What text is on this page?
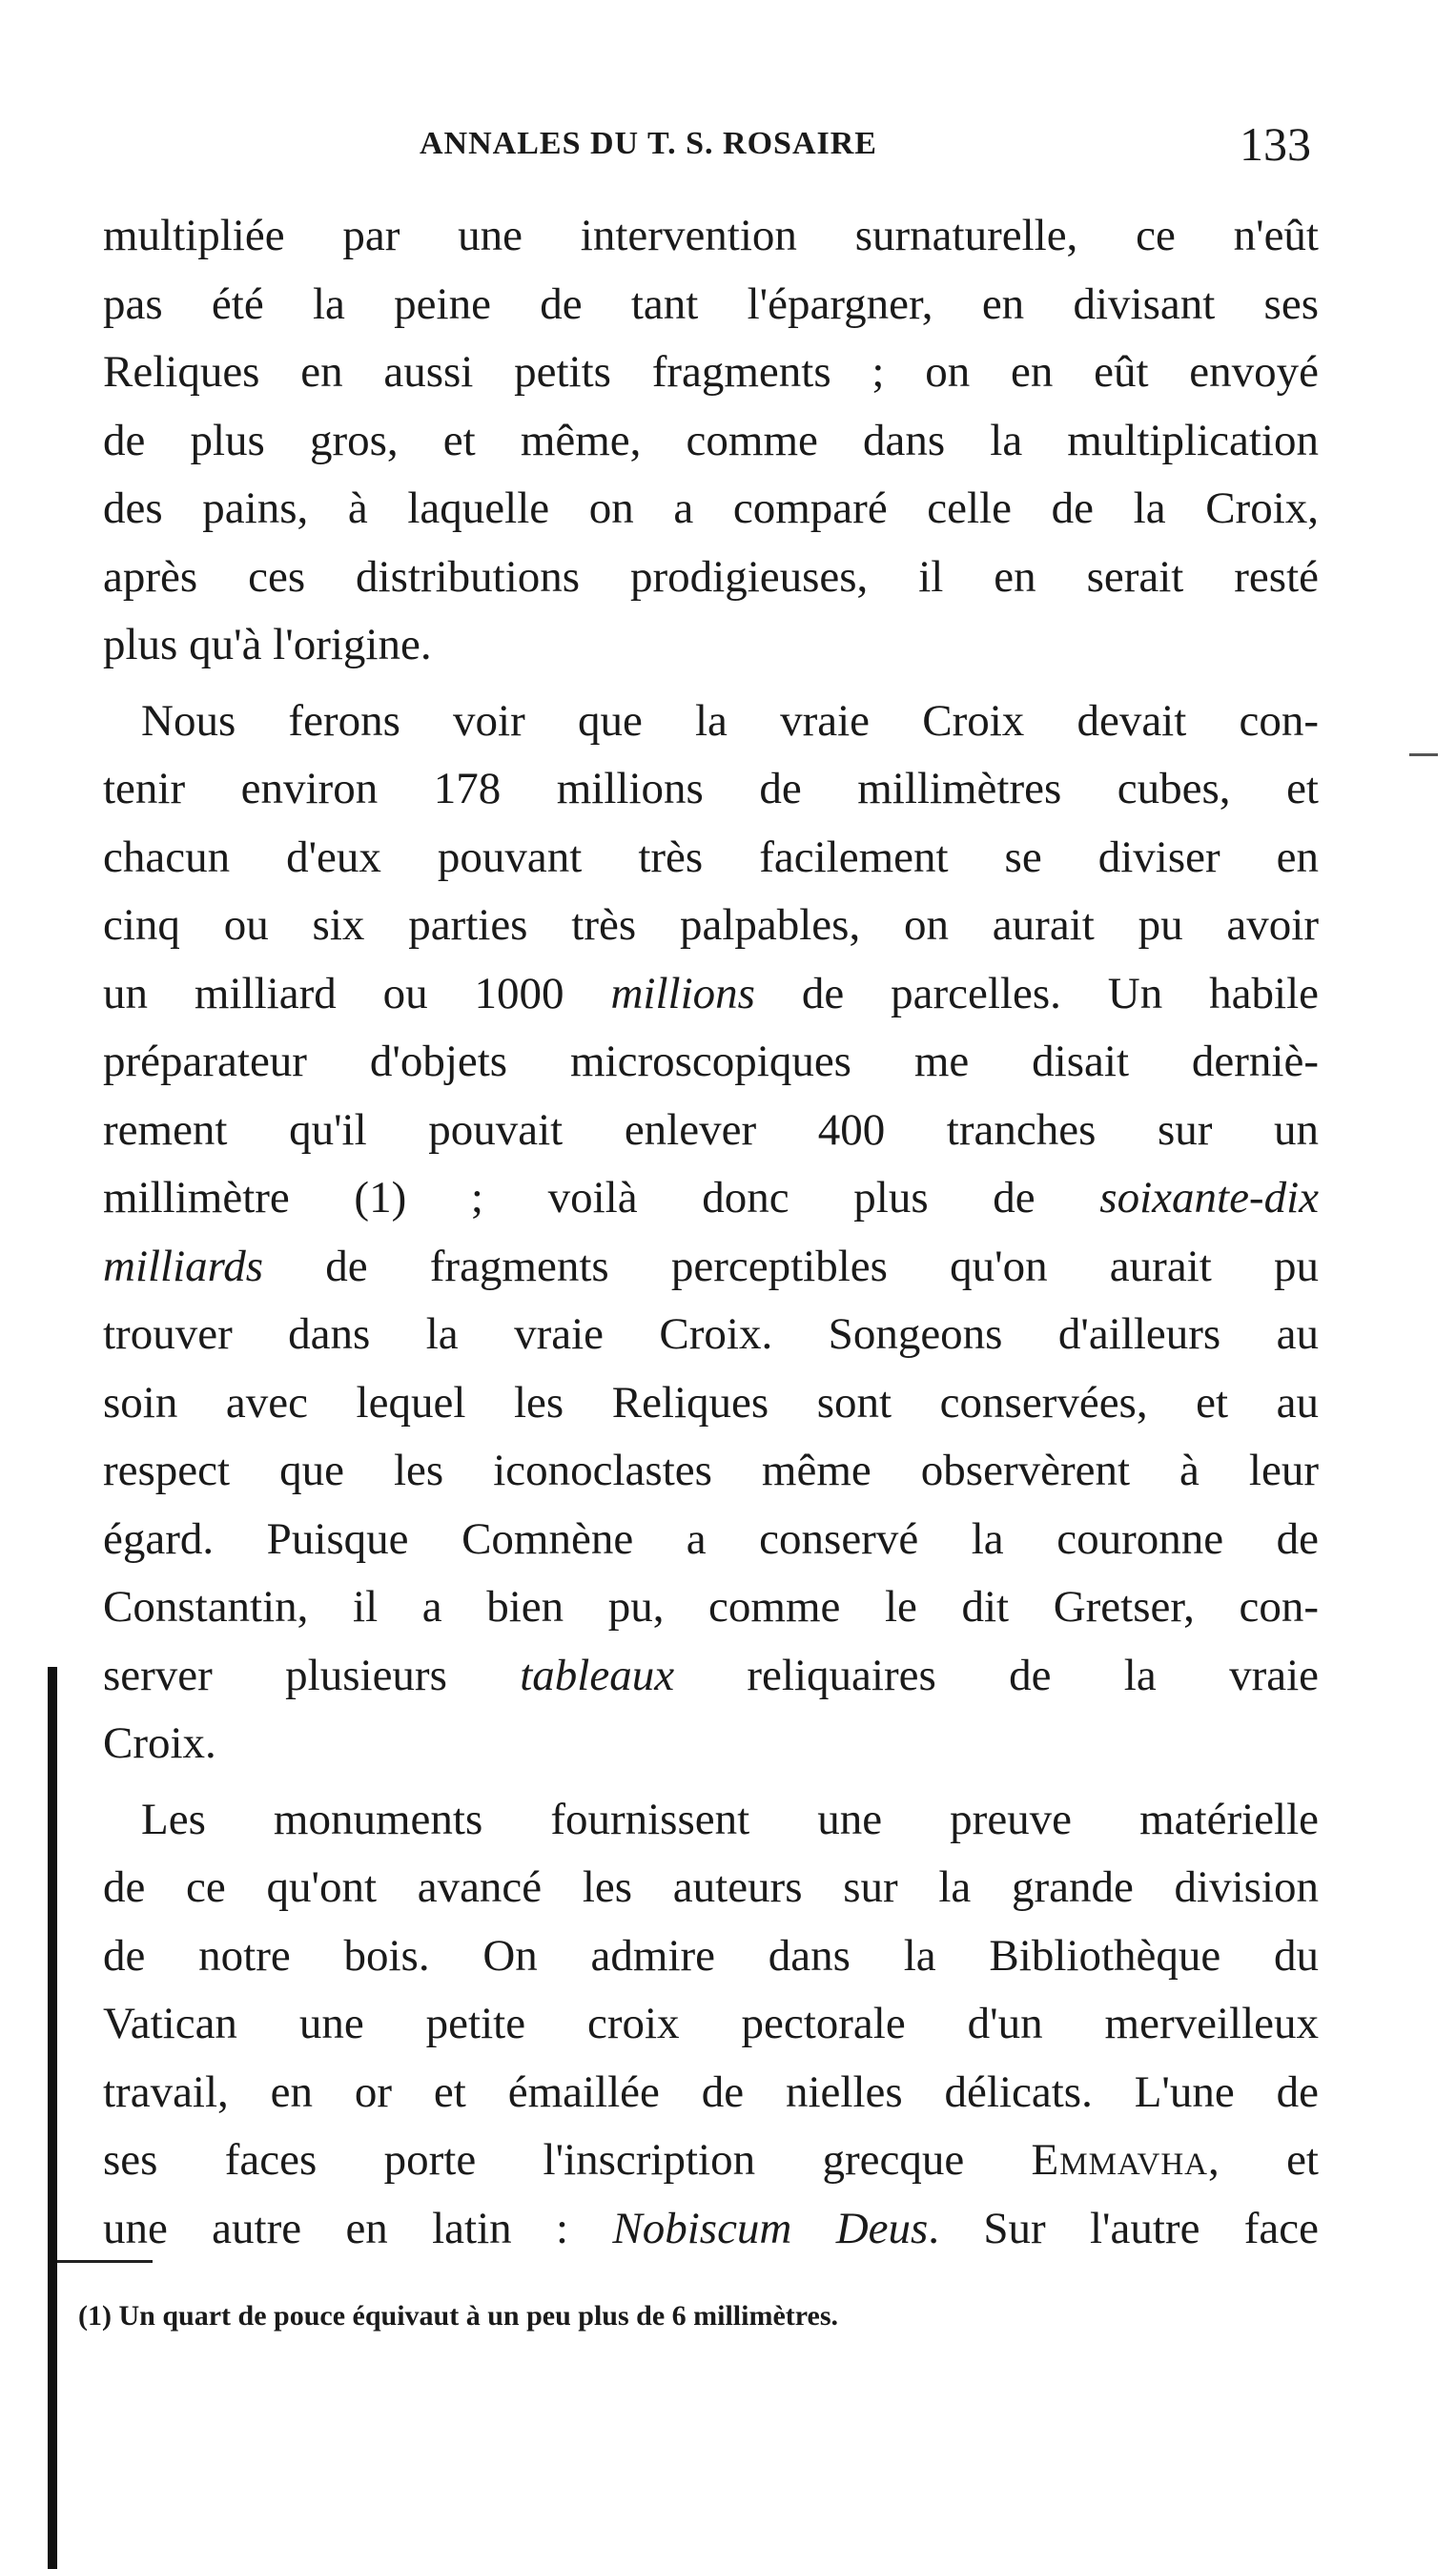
ANNALES DU T. S. ROSAIRE	133
multipliée par une intervention surnaturelle, ce n'eût
pas été la peine de tant l'épargner, en divisant ses
Reliques en aussi petits fragments ; on en eût envoyé
de plus gros, et même, comme dans la multiplication
des pains, à laquelle on a comparé celle de la Croix,
après ces distributions prodigieuses, il en serait resté
plus qu'à l'origine.
Nous ferons voir que la vraie Croix devait con-
tenir environ 178 millions de millimètres cubes, et
chacun d'eux pouvant très facilement se diviser en
cinq ou six parties très palpables, on aurait pu avoir
un milliard ou 1000 millions de parcelles. Un habile
préparateur d'objets microscopiques me disait derniè-
rement qu'il pouvait enlever 400 tranches sur un
millimètre (1) ; voilà donc plus de soixante-dix
milliards de fragments perceptibles qu'on aurait pu
trouver dans la vraie Croix. Songeons d'ailleurs au
soin avec lequel les Reliques sont conservées, et au
respect que les iconoclastes même observèrent à leur
égard. Puisque Comnène a conservé la couronne de
Constantin, il a bien pu, comme le dit Gretser, con-
server plusieurs tableaux reliquaires de la vraie
Croix.
Les monuments fournissent une preuve matérielle
de ce qu'ont avancé les auteurs sur la grande division
de notre bois. On admire dans la Bibliothèque du
Vatican une petite croix pectorale d'un merveilleux
travail, en or et émaillée de nielles délicats. L'une de
ses faces porte l'inscription grecque Emmavha, et
une autre en latin : Nobiscum Deus. Sur l'autre face
(1) Un quart de pouce équivaut à un peu plus de 6 millimètres.
